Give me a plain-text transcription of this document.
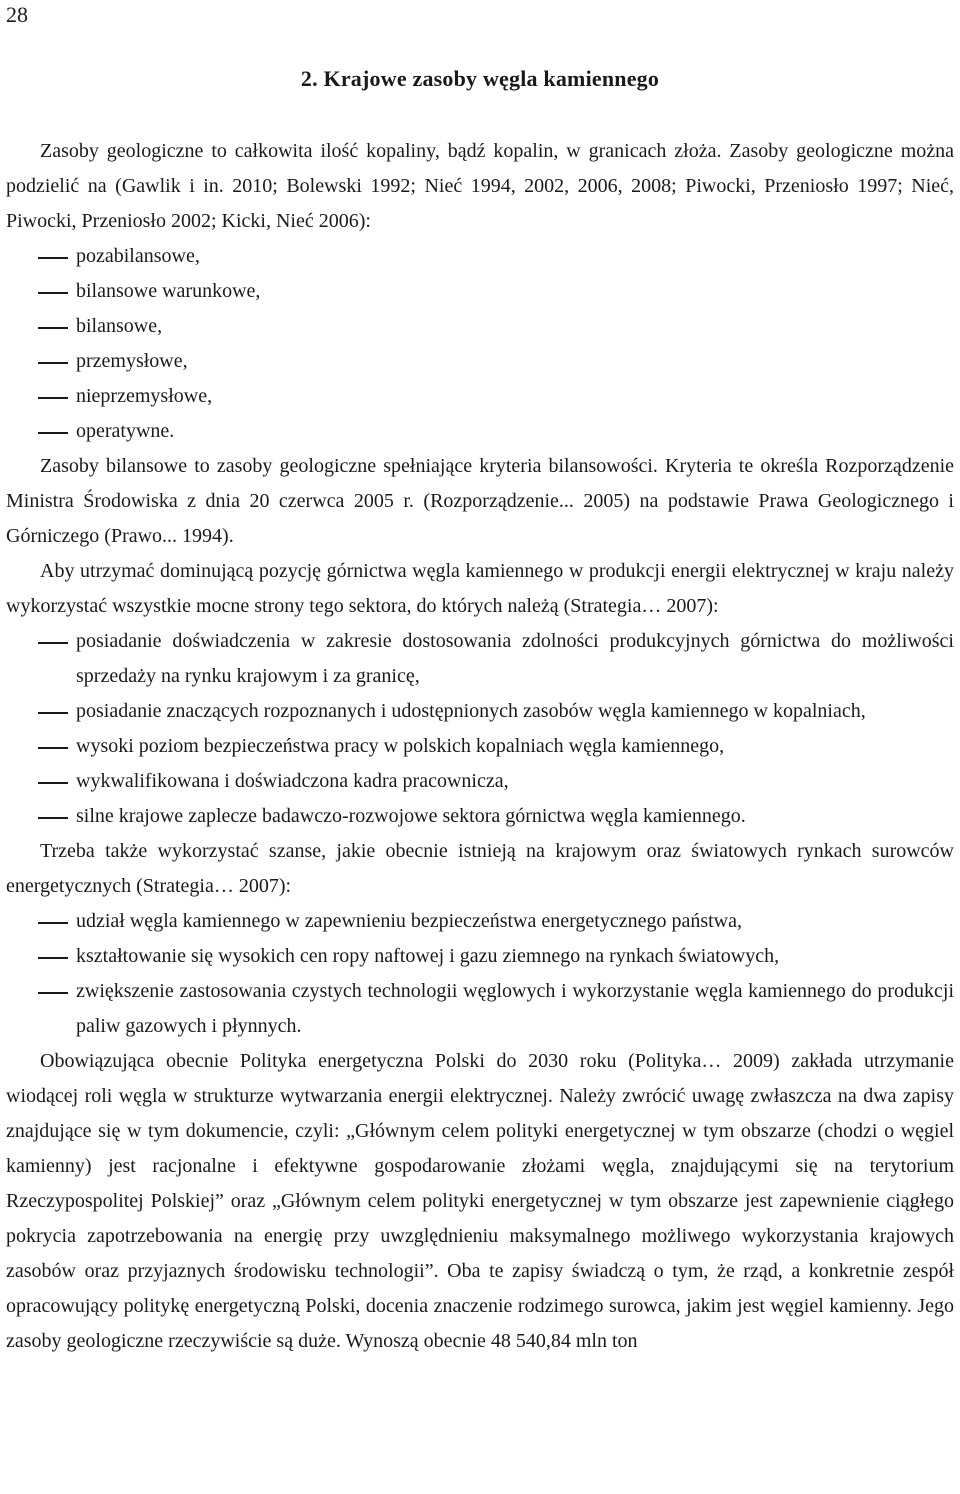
28
2. Krajowe zasoby węgla kamiennego

Zasoby geologiczne to całkowita ilość kopaliny, bądź kopalin, w granicach złoża. Zasoby geologiczne można podzielić na (Gawlik i in. 2010; Bolewski 1992; Nieć 1994, 2002, 2006, 2008; Piwocki, Przeniosło 1997; Nieć, Piwocki, Przeniosło 2002; Kicki, Nieć 2006):

pozabilansowe,
bilansowe warunkowe,
bilansowe,
przemysłowe,
nieprzemysłowe,
operatywne.

Zasoby bilansowe to zasoby geologiczne spełniające kryteria bilansowości. Kryteria te określa Rozporządzenie Ministra Środowiska z dnia 20 czerwca 2005 r. (Rozporządzenie... 2005) na podstawie Prawa Geologicznego i Górniczego (Prawo... 1994).

Aby utrzymać dominującą pozycję górnictwa węgla kamiennego w produkcji energii elektrycznej w kraju należy wykorzystać wszystkie mocne strony tego sektora, do których należą (Strategia… 2007):

posiadanie doświadczenia w zakresie dostosowania zdolności produkcyjnych górnictwa do możliwości sprzedaży na rynku krajowym i za granicę,
posiadanie znaczących rozpoznanych i udostępnionych zasobów węgla kamiennego w kopalniach,
wysoki poziom bezpieczeństwa pracy w polskich kopalniach węgla kamiennego,
wykwalifikowana i doświadczona kadra pracownicza,
silne krajowe zaplecze badawczo-rozwojowe sektora górnictwa węgla kamiennego.

Trzeba także wykorzystać szanse, jakie obecnie istnieją na krajowym oraz światowych rynkach surowców energetycznych (Strategia… 2007):

udział węgla kamiennego w zapewnieniu bezpieczeństwa energetycznego państwa,
kształtowanie się wysokich cen ropy naftowej i gazu ziemnego na rynkach światowych,
zwiększenie zastosowania czystych technologii węglowych i wykorzystanie węgla kamiennego do produkcji paliw gazowych i płynnych.

Obowiązująca obecnie Polityka energetyczna Polski do 2030 roku (Polityka… 2009) zakłada utrzymanie wiodącej roli węgla w strukturze wytwarzania energii elektrycznej. Należy zwrócić uwagę zwłaszcza na dwa zapisy znajdujące się w tym dokumencie, czyli: „Głównym celem polityki energetycznej w tym obszarze (chodzi o węgiel kamienny) jest racjonalne i efektywne gospodarowanie złożami węgla, znajdującymi się na terytorium Rzeczypospolitej Polskiej” oraz „Głównym celem polityki energetycznej w tym obszarze jest zapewnienie ciągłego pokrycia zapotrzebowania na energię przy uwzględnieniu maksymalnego możliwego wykorzystania krajowych zasobów oraz przyjaznych środowisku technologii”. Oba te zapisy świadczą o tym, że rząd, a konkretnie zespół opracowujący politykę energetyczną Polski, docenia znaczenie rodzimego surowca, jakim jest węgiel kamienny. Jego zasoby geologiczne rzeczywiście są duże. Wynoszą obecnie 48 540,84 mln ton
